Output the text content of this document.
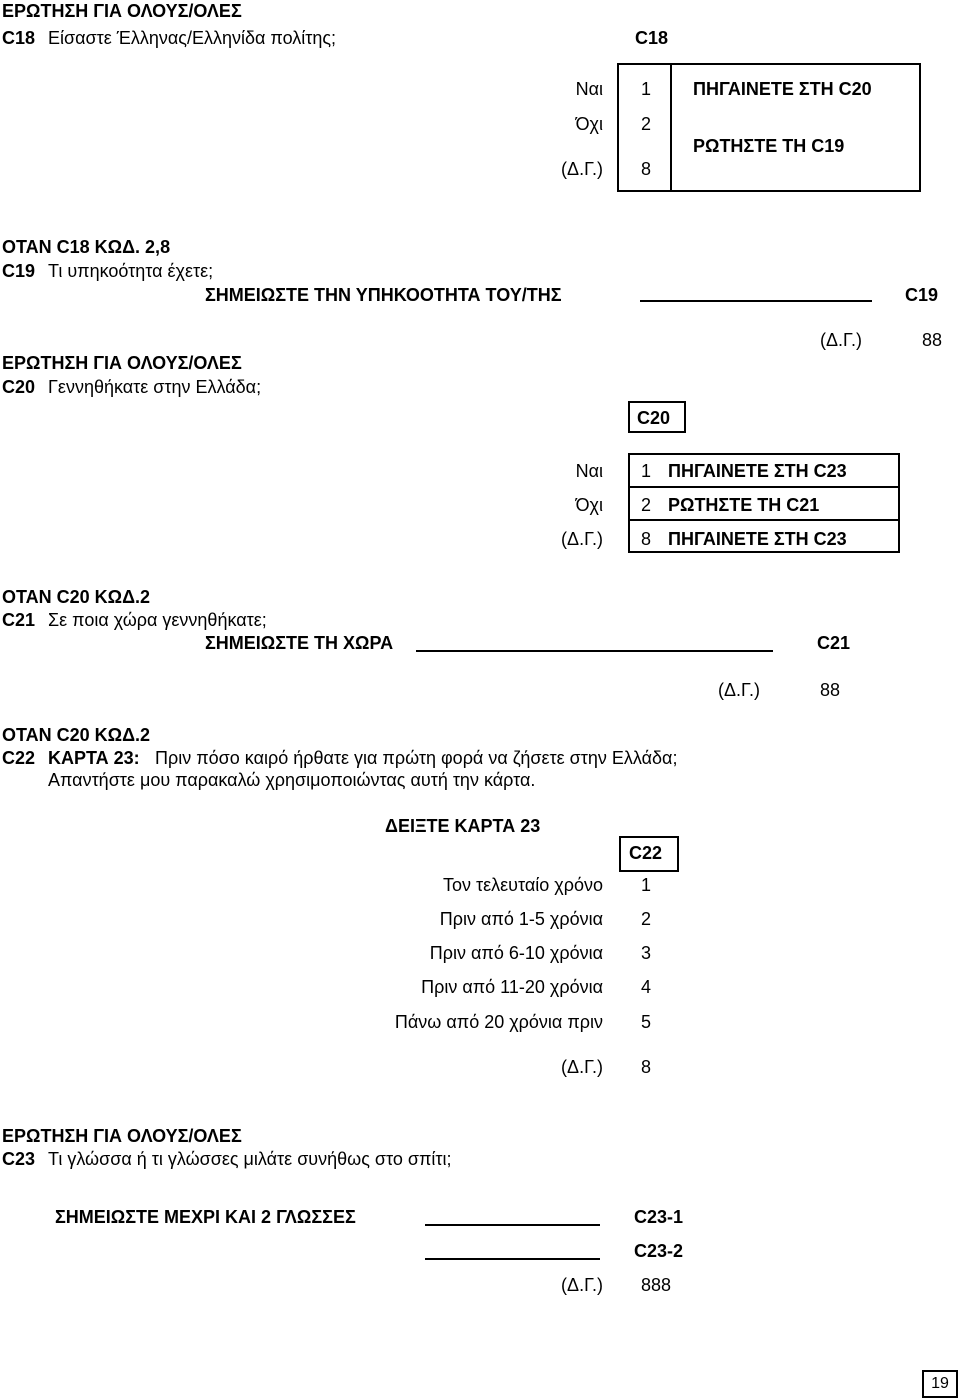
ΕΡΩΤΗΣΗ ΓΙΑ ΟΛΟΥΣ/ΟΛΕΣ
C18 Είσαστε Έλληνας/Ελληνίδα πολίτης;	C18
Ναι 1 ΠΗΓΑΙΝΕΤΕ ΣΤΗ C20
Όχι 2
ΡΩΤΗΣΤΕ ΤΗ C19
(Δ.Γ.) 8
ΟΤΑΝ C18 ΚΩΔ. 2,8
C19 Τι υπηκοότητα έχετε;
ΣΗΜΕΙΩΣΤΕ ΤΗΝ ΥΠΗΚΟΟΤΗΤΑ ΤΟΥ/ΤΗΣ	C19
(Δ.Γ.)	88
ΕΡΩΤΗΣΗ ΓΙΑ ΟΛΟΥΣ/ΟΛΕΣ
C20 Γεννηθήκατε στην Ελλάδα;
C20
Ναι 1 ΠΗΓΑΙΝΕΤΕ ΣΤΗ C23
Όχι 2 ΡΩΤΗΣΤΕ ΤΗ C21
(Δ.Γ.) 8 ΠΗΓΑΙΝΕΤΕ ΣΤΗ C23
ΟΤΑΝ C20 ΚΩΔ.2
C21 Σε ποια χώρα γεννηθήκατε;
ΣΗΜΕΙΩΣΤΕ ΤΗ ΧΩΡΑ	C21
(Δ.Γ.)	88
ΟΤΑΝ C20 ΚΩΔ.2
C22 ΚΑΡΤΑ 23: Πριν πόσο καιρό ήρθατε για πρώτη φορά να ζήσετε στην Ελλάδα;
Απαντήστε μου παρακαλώ χρησιμοποιώντας αυτή την κάρτα.
ΔΕΙΞΤΕ ΚΑΡΤΑ 23
C22
Τον τελευταίο χρόνο 1
Πριν από 1-5 χρόνια 2
Πριν από 6-10 χρόνια 3
Πριν από 11-20 χρόνια 4
Πάνω από 20 χρόνια πριν 5
(Δ.Γ.) 8
ΕΡΩΤΗΣΗ ΓΙΑ ΟΛΟΥΣ/ΟΛΕΣ
C23 Τι γλώσσα ή τι γλώσσες μιλάτε συνήθως στο σπίτι;
ΣΗΜΕΙΩΣΤΕ ΜΕΧΡΙ ΚΑΙ 2 ΓΛΩΣΣΕΣ	C23-1
C23-2
(Δ.Γ.) 888
19
